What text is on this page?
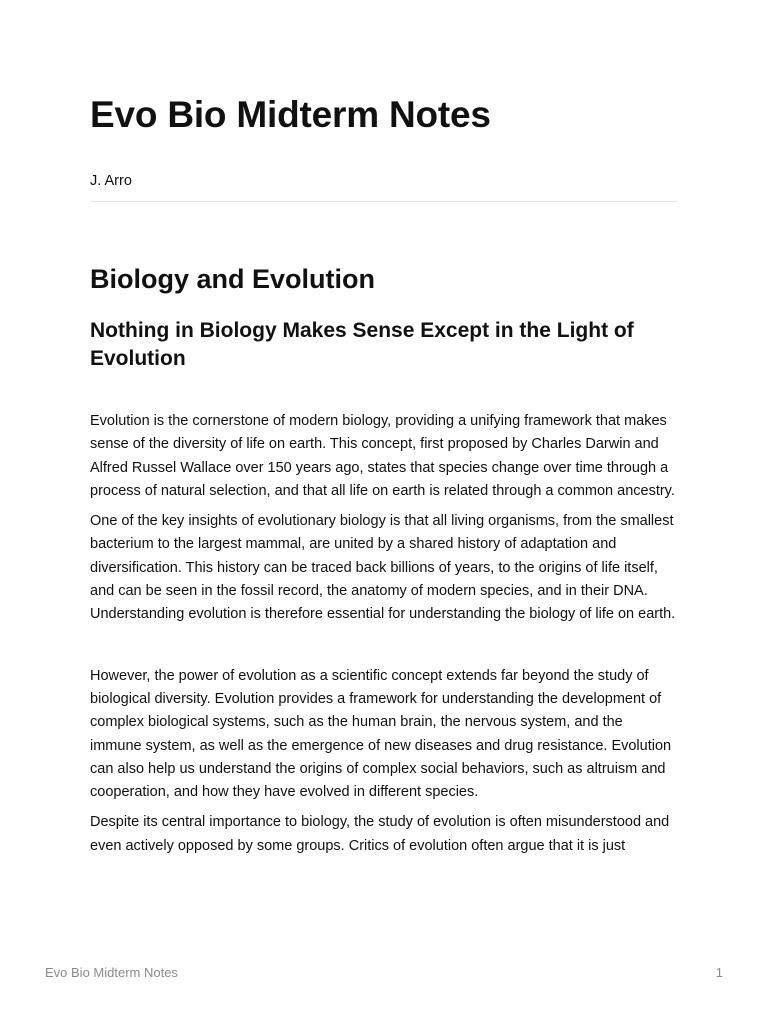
Evo Bio Midterm Notes
J. Arro
Biology and Evolution
Nothing in Biology Makes Sense Except in the Light of Evolution

Evolution is the cornerstone of modern biology, providing a unifying framework that makes sense of the diversity of life on earth. This concept, first proposed by Charles Darwin and Alfred Russel Wallace over 150 years ago, states that species change over time through a process of natural selection, and that all life on earth is related through a common ancestry.

One of the key insights of evolutionary biology is that all living organisms, from the smallest bacterium to the largest mammal, are united by a shared history of adaptation and diversification. This history can be traced back billions of years, to the origins of life itself, and can be seen in the fossil record, the anatomy of modern species, and in their DNA. Understanding evolution is therefore essential for understanding the biology of life on earth.

However, the power of evolution as a scientific concept extends far beyond the study of biological diversity. Evolution provides a framework for understanding the development of complex biological systems, such as the human brain, the nervous system, and the immune system, as well as the emergence of new diseases and drug resistance. Evolution can also help us understand the origins of complex social behaviors, such as altruism and cooperation, and how they have evolved in different species.

Despite its central importance to biology, the study of evolution is often misunderstood and even actively opposed by some groups. Critics of evolution often argue that it is just

Evo Bio Midterm Notes	1
